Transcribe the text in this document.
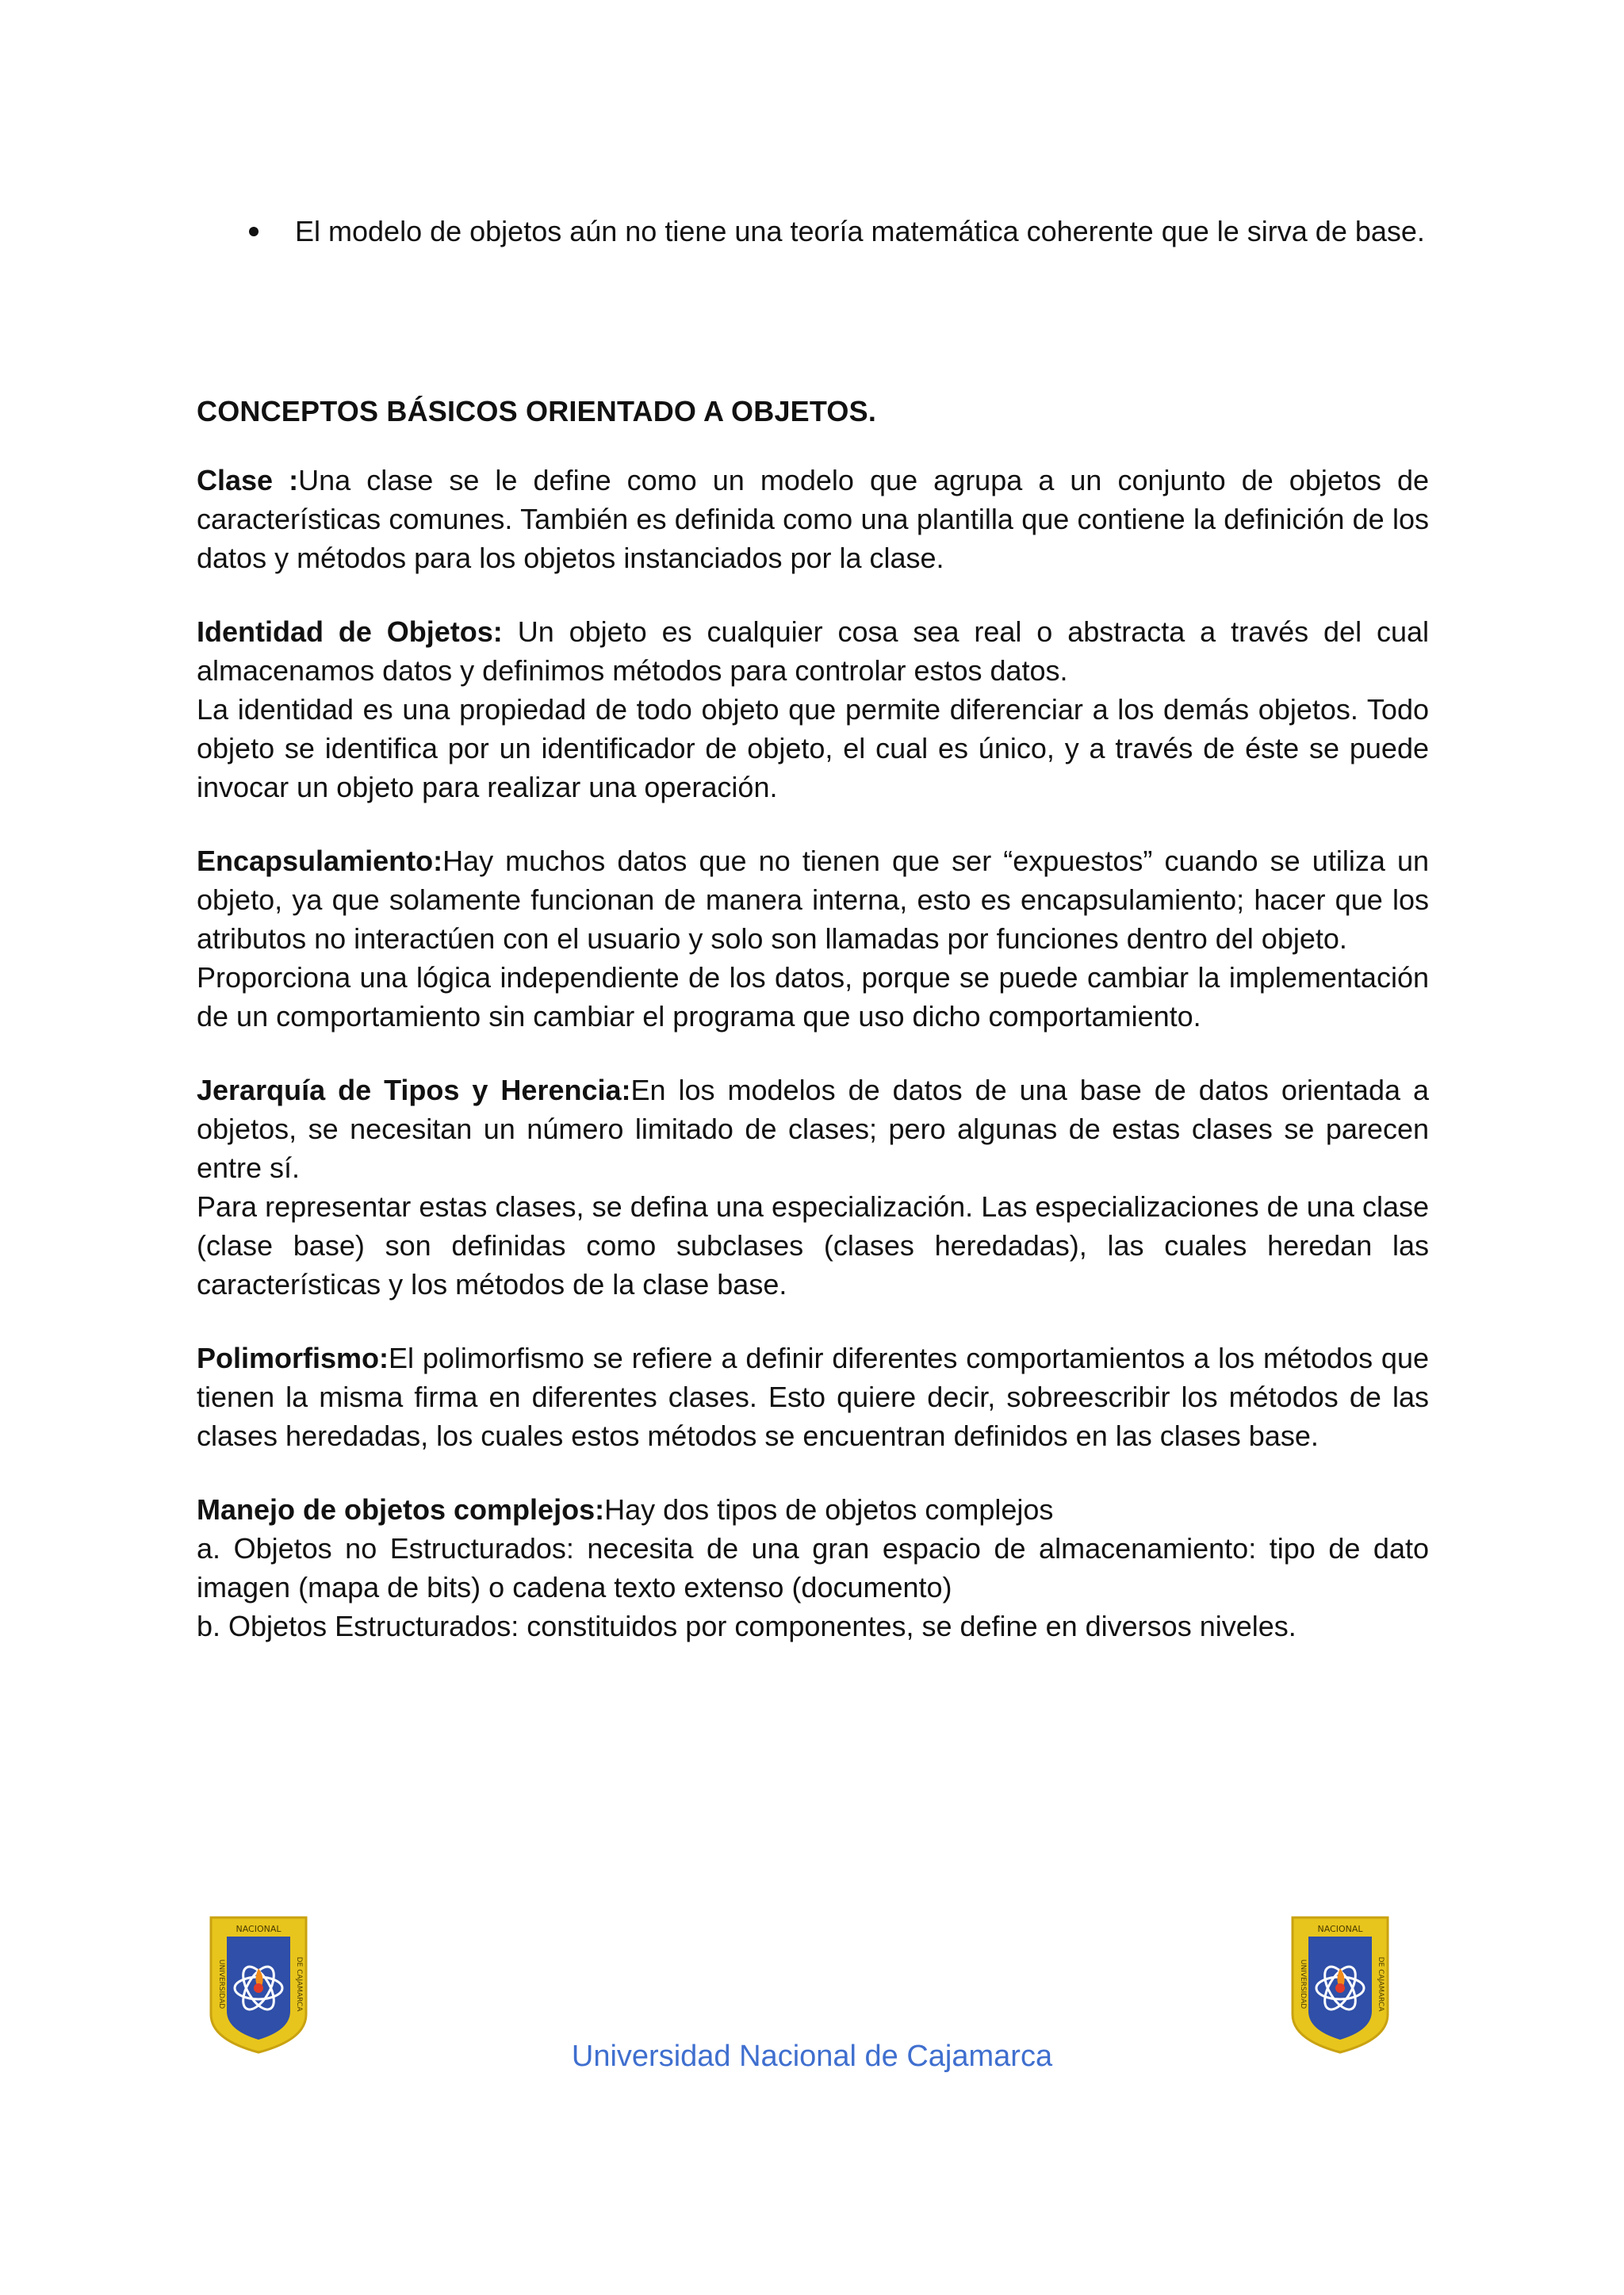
El modelo de objetos aún no tiene una teoría matemática coherente que le sirva de base.
CONCEPTOS BÁSICOS ORIENTADO A OBJETOS.

Clase :Una clase se le define como un modelo que agrupa a un conjunto de objetos de características comunes. También es definida como una plantilla que contiene la definición de los datos y métodos para los objetos instanciados por la clase.

Identidad de Objetos: Un objeto es cualquier cosa sea real o abstracta a través del cual almacenamos datos y definimos métodos para controlar estos datos.

La identidad es una propiedad de todo objeto que permite diferenciar a los demás objetos. Todo objeto se identifica por un identificador de objeto, el cual es único, y a través de éste se puede invocar un objeto para realizar una operación.

Encapsulamiento:Hay muchos datos que no tienen que ser “expuestos” cuando se utiliza un objeto, ya que solamente funcionan de manera interna, esto es encapsulamiento; hacer que los atributos no interactúen con el usuario y solo son llamadas por funciones dentro del objeto.

Proporciona una lógica independiente de los datos, porque se puede cambiar la implementación de un comportamiento sin cambiar el programa que uso dicho comportamiento.

Jerarquía de Tipos y Herencia:En los modelos de datos de una base de datos orientada a objetos, se necesitan un número limitado de clases; pero algunas de estas clases se parecen entre sí.

Para representar estas clases, se defina una especialización. Las especializaciones de una clase (clase base) son definidas como subclases (clases heredadas), las cuales heredan las características y los métodos de la clase base.

Polimorfismo:El polimorfismo se refiere a definir diferentes comportamientos a los métodos que tienen la misma firma en diferentes clases. Esto quiere decir, sobreescribir los métodos de las clases heredadas, los cuales estos métodos se encuentran definidos en las clases base.

Manejo de objetos complejos:Hay dos tipos de objetos complejos

a. Objetos no Estructurados: necesita de una gran espacio de almacenamiento: tipo de dato imagen (mapa de bits) o cadena texto extenso (documento)

b. Objetos Estructurados: constituidos por componentes, se define en diversos niveles.

NACIONAL
UNIVERSIDAD	DE CAJAMARCA
NACIONAL
UNIVERSIDAD	DE CAJAMARCA
Universidad Nacional de Cajamarca
